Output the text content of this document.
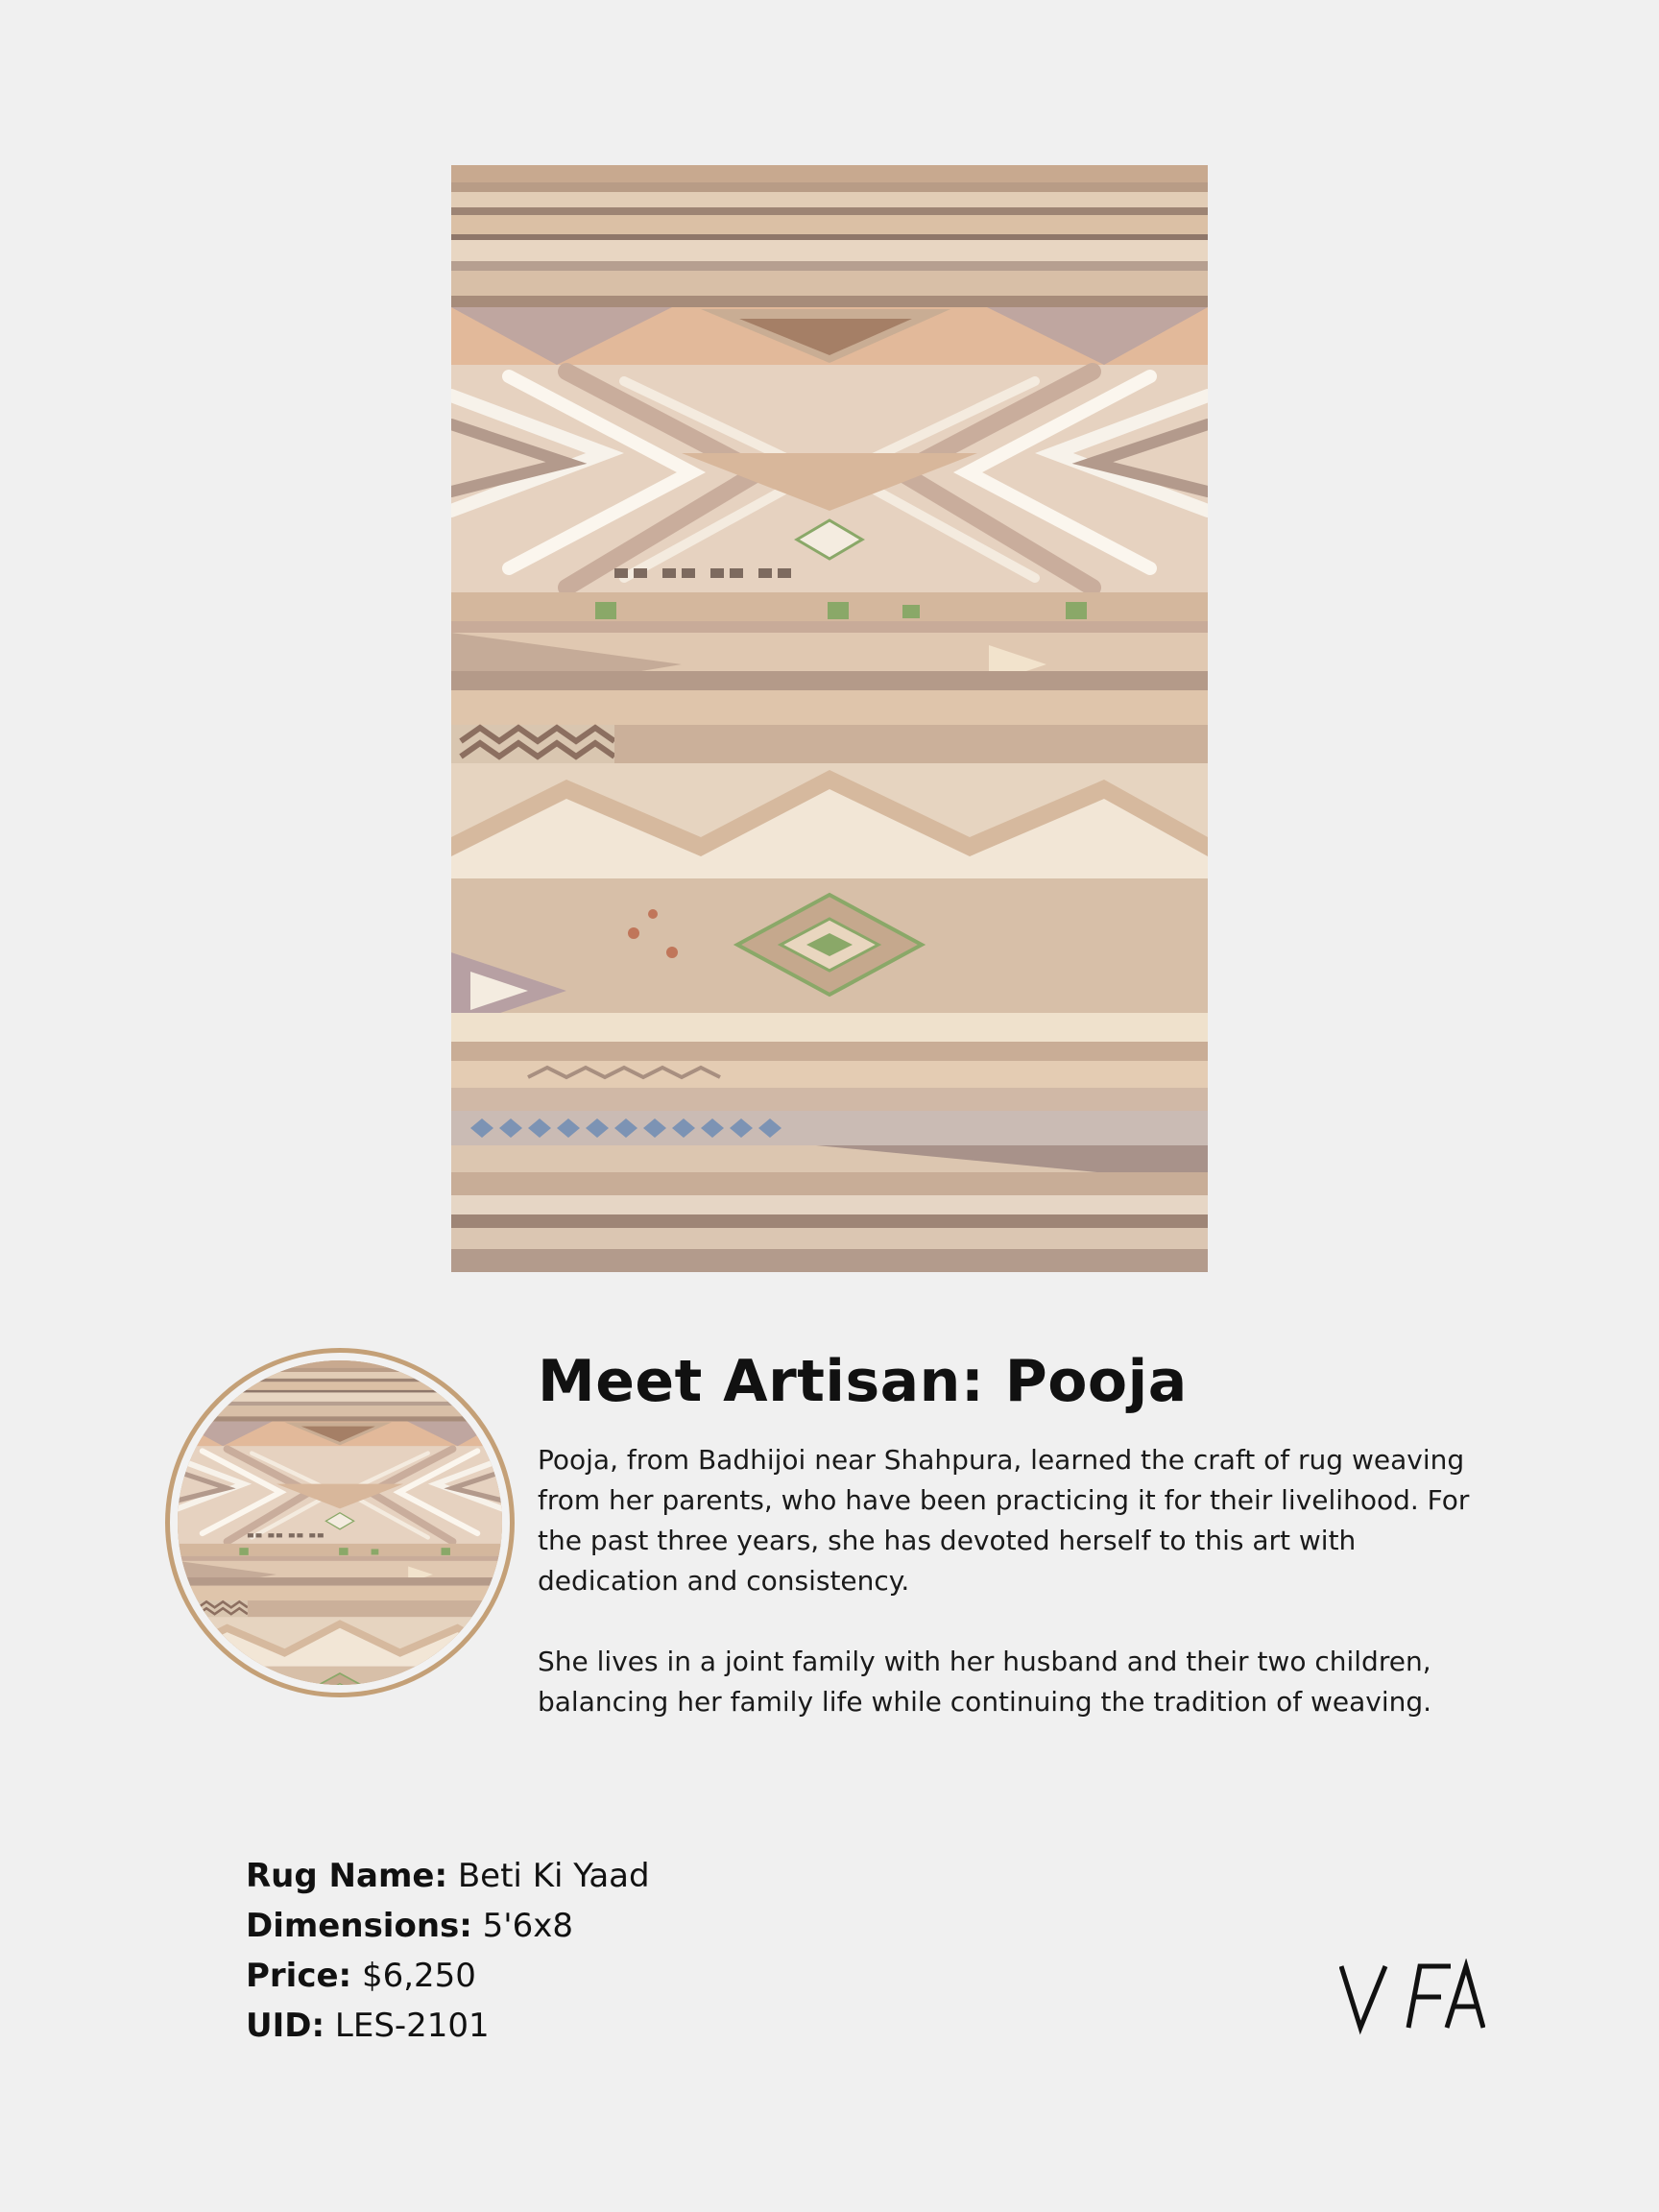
Meet Artisan: Pooja

Pooja, from Badhijoi near Shahpura, learned the craft of rug weaving from her parents, who have been practicing it for their livelihood. For the past three years, she has devoted herself to this art with dedication and consistency.

She lives in a joint family with her husband and their two children, balancing her family life while continuing the tradition of weaving.

Rug Name: Beti Ki Yaad
Dimensions: 5'6x8
Price: $6,250
UID: LES-2101
